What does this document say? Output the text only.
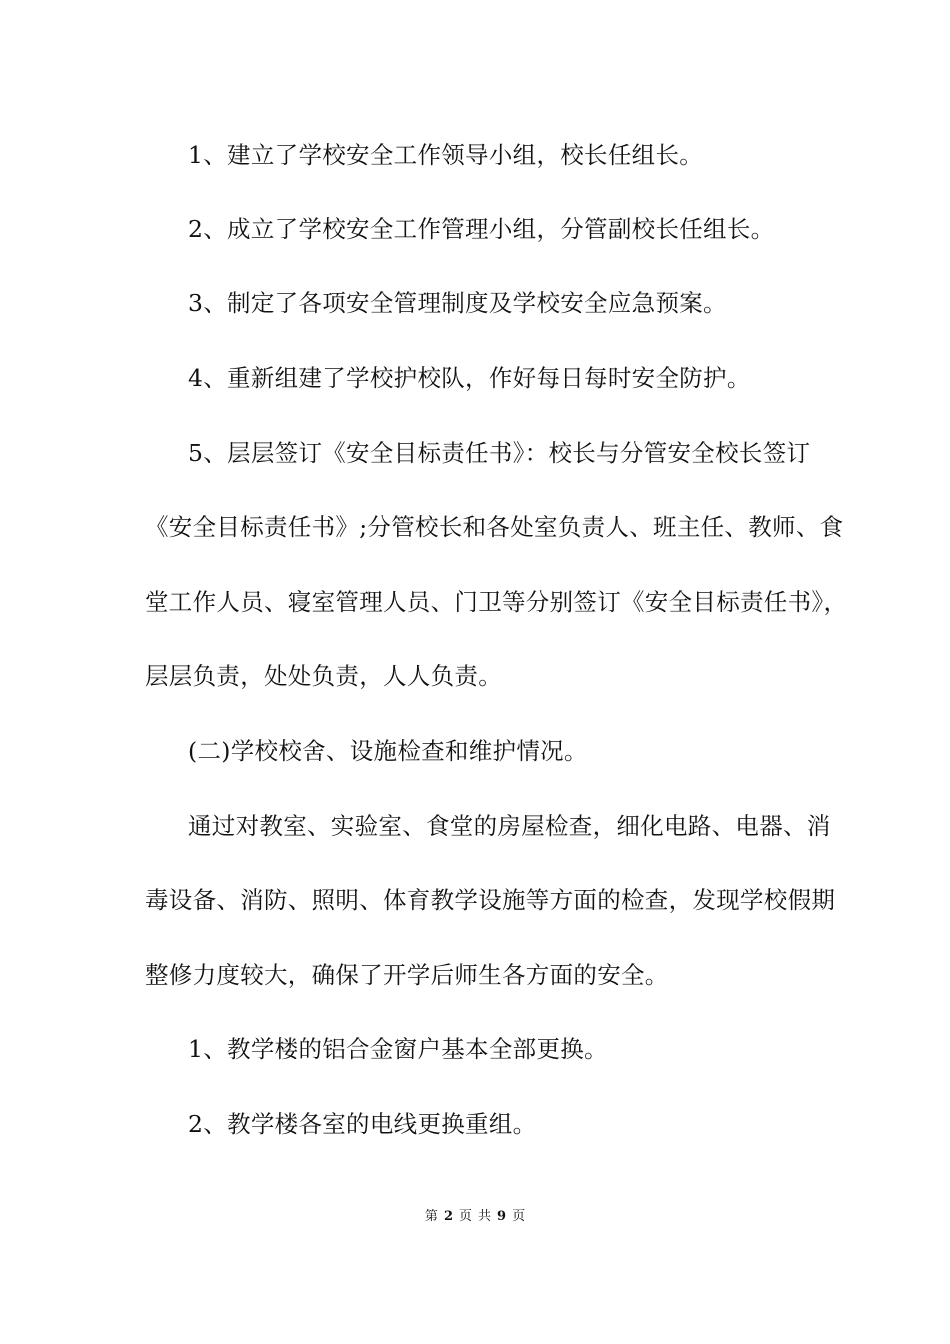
1、建立了学校安全工作领导小组，校长任组长。
2、成立了学校安全工作管理小组，分管副校长任组长。
3、制定了各项安全管理制度及学校安全应急预案。
4、重新组建了学校护校队，作好每日每时安全防护。
5、层层签订《安全目标责任书》：校长与分管安全校长签订
《安全目标责任书》;分管校长和各处室负责人、班主任、教师、食
堂工作人员、寝室管理人员、门卫等分别签订《安全目标责任书》，
层层负责，处处负责，人人负责。
(二)学校校舍、设施检查和维护情况。
通过对教室、实验室、食堂的房屋检查，细化电路、电器、消
毒设备、消防、照明、体育教学设施等方面的检查，发现学校假期
整修力度较大，确保了开学后师生各方面的安全。
1、教学楼的铝合金窗户基本全部更换。
2、教学楼各室的电线更换重组。
第 2 页 共 9 页
